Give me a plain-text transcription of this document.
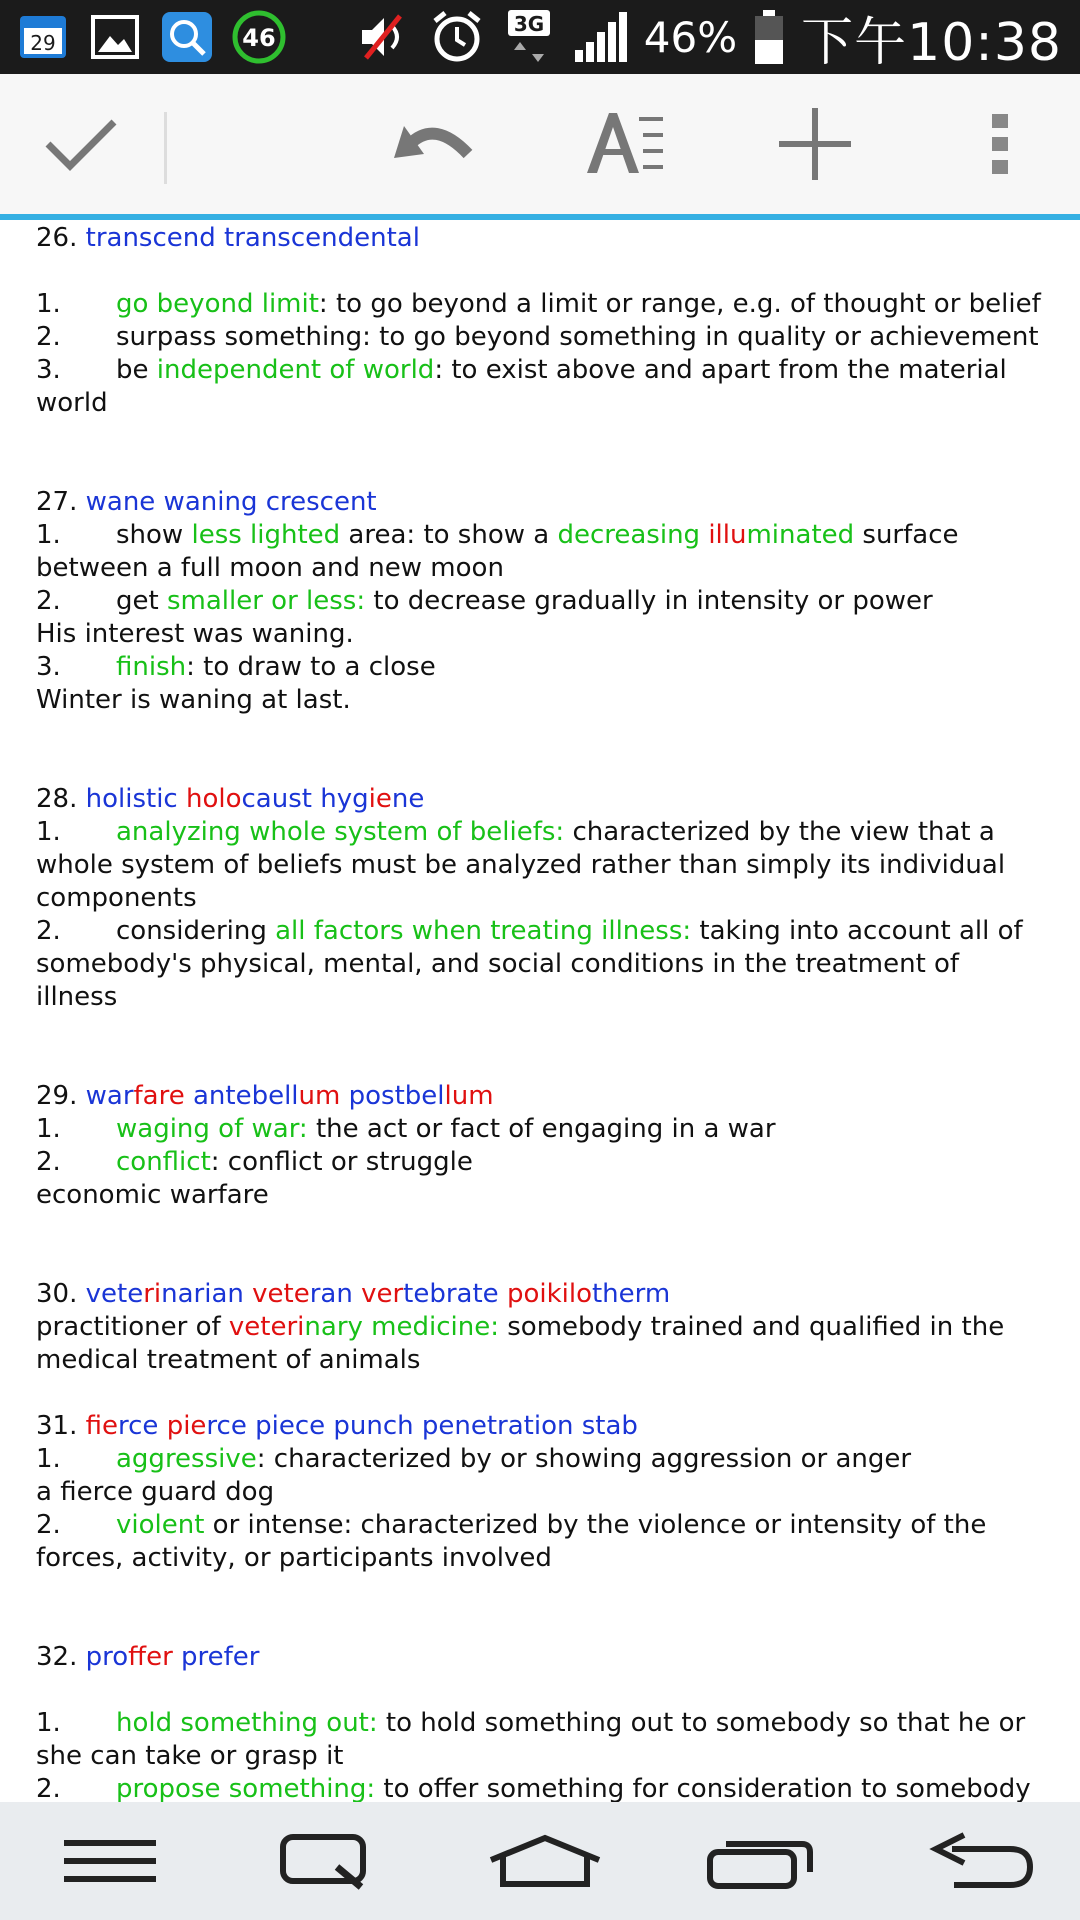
29	46	3G 46% 下午10:38
26. transcend transcendental
1. go beyond limit: to go beyond a limit or range, e.g. of thought or belief
2. surpass something: to go beyond something in quality or achievement
3. be independent of world: to exist above and apart from the material world
27. wane waning crescent
1. show less lighted area: to show a decreasing illuminated surface between a full moon and new moon
2. get smaller or less: to decrease gradually in intensity or power
His interest was waning.
3. finish: to draw to a close
Winter is waning at last.
28. holistic holocaust hygiene
1. analyzing whole system of beliefs: characterized by the view that a whole system of beliefs must be analyzed rather than simply its individual components
2. considering all factors when treating illness: taking into account all of somebody's physical, mental, and social conditions in the treatment of illness
29. warfare antebellum postbellum
1. waging of war: the act or fact of engaging in a war
2. conflict: conflict or struggle
economic warfare
30. veterinarian veteran vertebrate poikilotherm
practitioner of veterinary medicine: somebody trained and qualified in the medical treatment of animals
31. fierce pierce piece punch penetration stab
1. aggressive: characterized by or showing aggression or anger
a fierce guard dog
2. violent or intense: characterized by the violence or intensity of the forces, activity, or participants involved
32. proffer prefer
1. hold something out: to hold something out to somebody so that he or she can take or grasp it
2. propose something: to offer something for consideration to somebody
